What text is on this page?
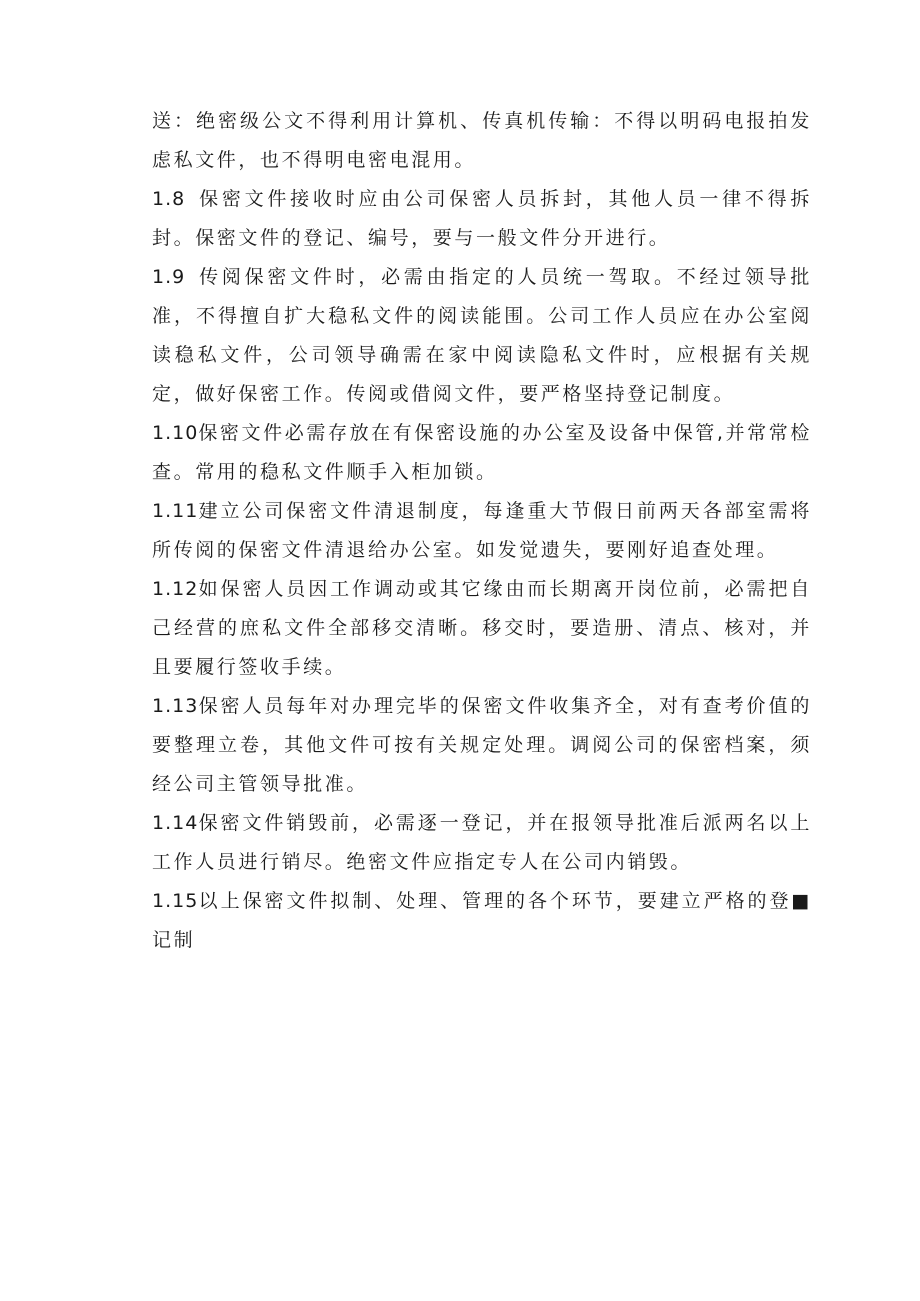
送：绝密级公文不得利用计算机、传真机传输：不得以明码电报拍发虑私文件，也不得明电密电混用。

1.8 保密文件接收时应由公司保密人员拆封，其他人员一律不得拆封。保密文件的登记、编号，要与一般文件分开进行。

1.9 传阅保密文件时，必需由指定的人员统一驾取。不经过领导批准，不得擅自扩大稳私文件的阅读能围。公司工作人员应在办公室阅读稳私文件，公司领导确需在家中阅读隐私文件时，应根据有关规定，做好保密工作。传阅或借阅文件，要严格坚持登记制度。

1.10保密文件必需存放在有保密设施的办公室及设备中保管,并常常检查。常用的稳私文件顺手入柜加锁。

1.11建立公司保密文件清退制度，每逢重大节假日前两天各部室需将所传阅的保密文件清退给办公室。如发觉遗失，要刚好追查处理。

1.12如保密人员因工作调动或其它缘由而长期离开岗位前，必需把自己经营的庶私文件全部移交清晰。移交时，要造册、清点、核对，并且要履行签收手续。

1.13保密人员每年对办理完毕的保密文件收集齐全，对有查考价值的要整理立卷，其他文件可按有关规定处理。调阅公司的保密档案，须经公司主管领导批准。

1.14保密文件销毁前，必需逐一登记，并在报领导批准后派两名以上工作人员进行销尽。绝密文件应指定专人在公司内销毁。

1.15以上保密文件拟制、处理、管理的各个环节，要建立严格的登■记制
